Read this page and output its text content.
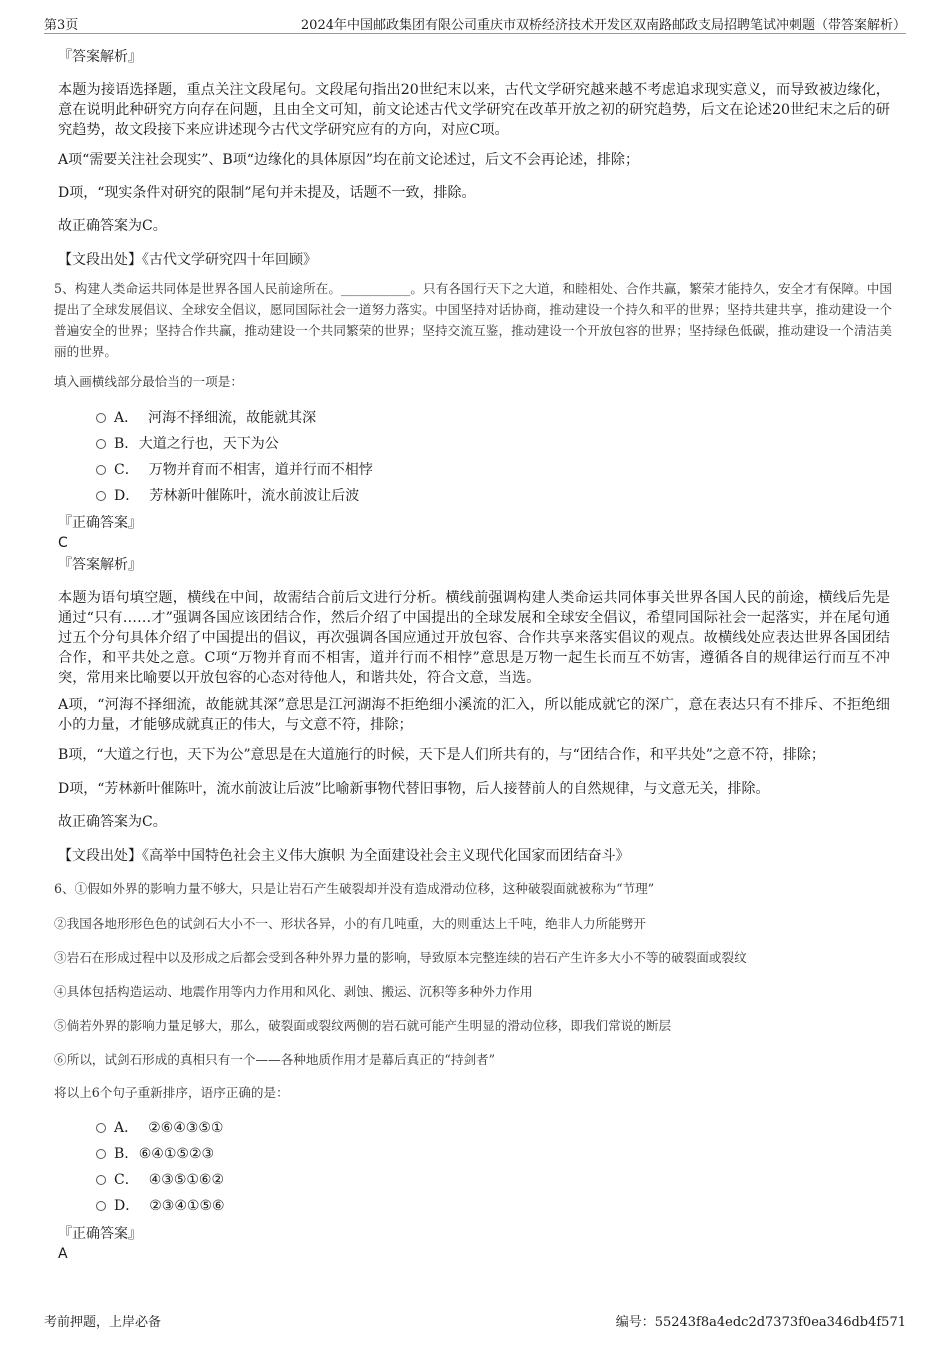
第3页	2024年中国邮政集团有限公司重庆市双桥经济技术开发区双南路邮政支局招聘笔试冲刺题（带答案解析）
『答案解析』
本题为接语选择题，重点关注文段尾句。文段尾句指出20世纪末以来，古代文学研究越来越不考虑追求现实意义，而导致被边缘化，意在说明此种研究方向存在问题，且由全文可知，前文论述古代文学研究在改革开放之初的研究趋势，后文在论述20世纪末之后的研究趋势，故文段接下来应讲述现今古代文学研究应有的方向，对应C项。
A项“需要关注社会现实”、B项“边缘化的具体原因”均在前文论述过，后文不会再论述，排除；
D项，“现实条件对研究的限制”尾句并未提及，话题不一致，排除。
故正确答案为C。
【文段出处】《古代文学研究四十年回顾》
5、构建人类命运共同体是世界各国人民前途所在。___________。只有各国行天下之大道，和睦相处、合作共赢，繁荣才能持久，安全才有保障。中国提出了全球发展倡议、全球安全倡议，愿同国际社会一道努力落实。中国坚持对话协商，推动建设一个持久和平的世界；坚持共建共享，推动建设一个普遍安全的世界；坚持合作共赢，推动建设一个共同繁荣的世界；坚持交流互鉴，推动建设一个开放包容的世界；坚持绿色低碳，推动建设一个清洁美丽的世界。
填入画横线部分最恰当的一项是：
A． 河海不择细流，故能就其深
B. 大道之行也，天下为公
C． 万物并育而不相害，道并行而不相悖
D． 芳林新叶催陈叶，流水前波让后波
『正确答案』
C
『答案解析』
本题为语句填空题，横线在中间，故需结合前后文进行分析。横线前强调构建人类命运共同体事关世界各国人民的前途，横线后先是通过“只有……才”强调各国应该团结合作，然后介绍了中国提出的全球发展和全球安全倡议，希望同国际社会一起落实，并在尾句通过五个分句具体介绍了中国提出的倡议，再次强调各国应通过开放包容、合作共享来落实倡议的观点。故横线处应表达世界各国团结合作，和平共处之意。C项“万物并育而不相害，道并行而不相悖”意思是万物一起生长而互不妨害，遵循各自的规律运行而互不冲突，常用来比喻要以开放包容的心态对待他人，和谐共处，符合文意，当选。
A项，“河海不择细流，故能就其深”意思是江河湖海不拒绝细小溪流的汇入，所以能成就它的深广，意在表达只有不排斥、不拒绝细小的力量，才能够成就真正的伟大，与文意不符，排除；
B项，“大道之行也，天下为公”意思是在大道施行的时候，天下是人们所共有的，与“团结合作，和平共处”之意不符，排除；
D项，“芳林新叶催陈叶，流水前波让后波”比喻新事物代替旧事物，后人接替前人的自然规律，与文意无关，排除。
故正确答案为C。
【文段出处】《高举中国特色社会主义伟大旗帜 为全面建设社会主义现代化国家而团结奋斗》
6、①假如外界的影响力量不够大，只是让岩石产生破裂却并没有造成滑动位移，这种破裂面就被称为“节理”
②我国各地形形色色的试剑石大小不一、形状各异，小的有几吨重，大的则重达上千吨，绝非人力所能劈开
③岩石在形成过程中以及形成之后都会受到各种外界力量的影响，导致原本完整连续的岩石产生许多大小不等的破裂面或裂纹
④具体包括构造运动、地震作用等内力作用和风化、剥蚀、搬运、沉积等多种外力作用
⑤倘若外界的影响力量足够大，那么，破裂面或裂纹两侧的岩石就可能产生明显的滑动位移，即我们常说的断层
⑥所以，试剑石形成的真相只有一个——各种地质作用才是幕后真正的“持剑者”
将以上6个句子重新排序，语序正确的是：
A． ②⑥④③⑤①
B. ⑥④①⑤②③
C． ④③⑤①⑥②
D． ②③④①⑤⑥
『正确答案』
A
考前押题，上岸必备	编号：55243f8a4edc2d7373f0ea346db4f571
